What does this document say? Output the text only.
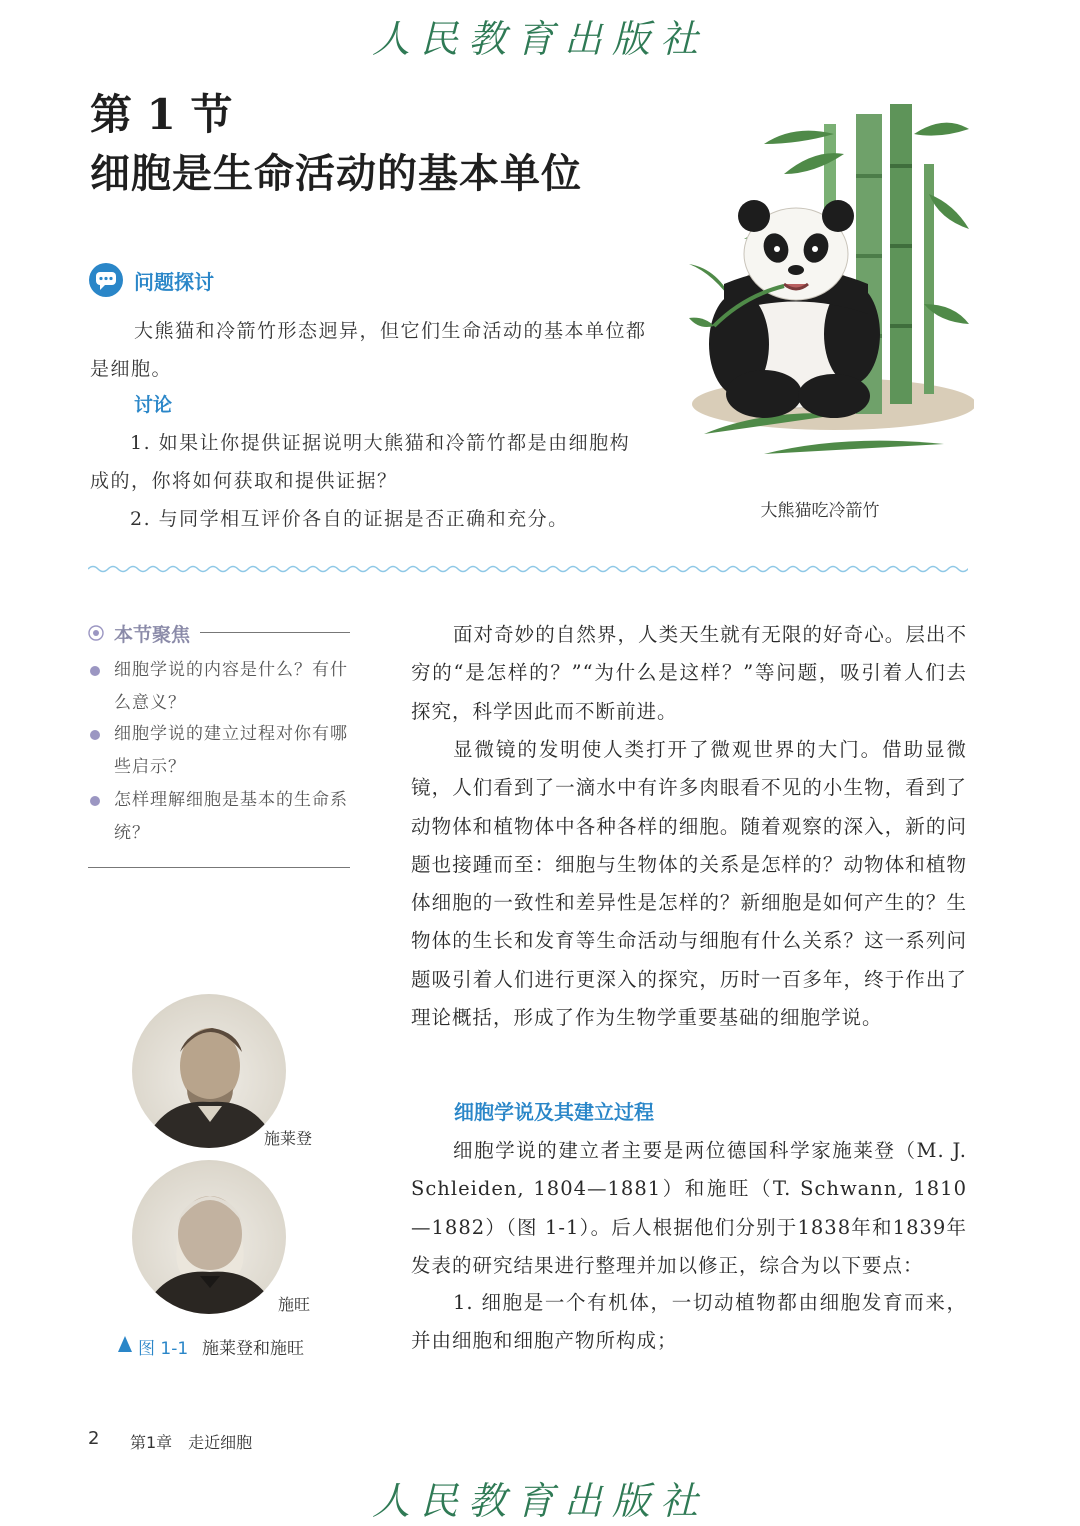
人民教育出版社
第 1 节
细胞是生命活动的基本单位
问题探讨
大熊猫和冷箭竹形态迥异，但它们生命活动的基本单位都是细胞。
讨论
1. 如果让你提供证据说明大熊猫和冷箭竹都是由细胞构成的，你将如何获取和提供证据？
2. 与同学相互评价各自的证据是否正确和充分。	大熊猫吃冷箭竹
本节聚焦
细胞学说的内容是什么？有什么意义？
细胞学说的建立过程对你有哪些启示？
怎样理解细胞是基本的生命系统？
施莱登
施旺
图 1-1 施莱登和施旺
面对奇妙的自然界，人类天生就有无限的好奇心。层出不穷的“是怎样的？”“为什么是这样？”等问题，吸引着人们去探究，科学因此而不断前进。
显微镜的发明使人类打开了微观世界的大门。借助显微镜，人们看到了一滴水中有许多肉眼看不见的小生物，看到了动物体和植物体中各种各样的细胞。随着观察的深入，新的问题也接踵而至：细胞与生物体的关系是怎样的？动物体和植物体细胞的一致性和差异性是怎样的？新细胞是如何产生的？生物体的生长和发育等生命活动与细胞有什么关系？这一系列问题吸引着人们进行更深入的探究，历时一百多年，终于作出了理论概括，形成了作为生物学重要基础的细胞学说。
细胞学说及其建立过程
细胞学说的建立者主要是两位德国科学家施莱登（M. J. Schleiden, 1804—1881）和施旺（T. Schwann, 1810—1882）（图 1-1）。后人根据他们分别于1838年和1839年发表的研究结果进行整理并加以修正，综合为以下要点：
1. 细胞是一个有机体，一切动植物都由细胞发育而来，并由细胞和细胞产物所构成；
2 第1章　走近细胞
人民教育出版社
